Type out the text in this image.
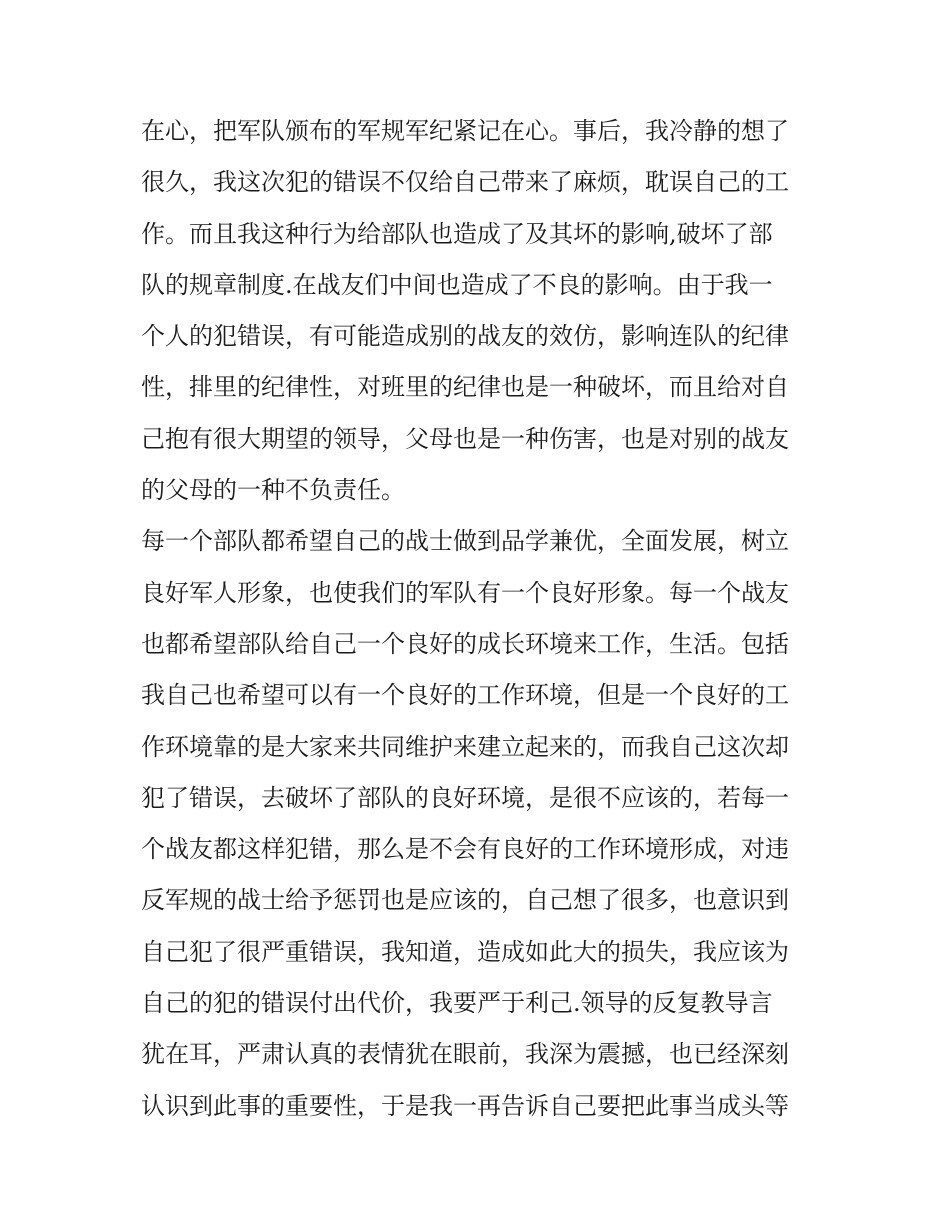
在心，把军队颁布的军规军纪紧记在心。事后，我冷静的想了
很久，我这次犯的错误不仅给自己带来了麻烦，耽误自己的工
作。而且我这种行为给部队也造成了及其坏的影响,破坏了部
队的规章制度.在战友们中间也造成了不良的影响。由于我一
个人的犯错误，有可能造成别的战友的效仿，影响连队的纪律
性，排里的纪律性，对班里的纪律也是一种破坏，而且给对自
己抱有很大期望的领导，父母也是一种伤害，也是对别的战友
的父母的一种不负责任。
每一个部队都希望自己的战士做到品学兼优，全面发展，树立
良好军人形象，也使我们的军队有一个良好形象。每一个战友
也都希望部队给自己一个良好的成长环境来工作，生活。包括
我自己也希望可以有一个良好的工作环境，但是一个良好的工
作环境靠的是大家来共同维护来建立起来的，而我自己这次却
犯了错误，去破坏了部队的良好环境，是很不应该的，若每一
个战友都这样犯错，那么是不会有良好的工作环境形成，对违
反军规的战士给予惩罚也是应该的，自己想了很多，也意识到
自己犯了很严重错误，我知道，造成如此大的损失，我应该为
自己的犯的错误付出代价，我要严于利己.领导的反复教导言
犹在耳，严肃认真的表情犹在眼前，我深为震撼，也已经深刻
认识到此事的重要性，于是我一再告诉自己要把此事当成头等
